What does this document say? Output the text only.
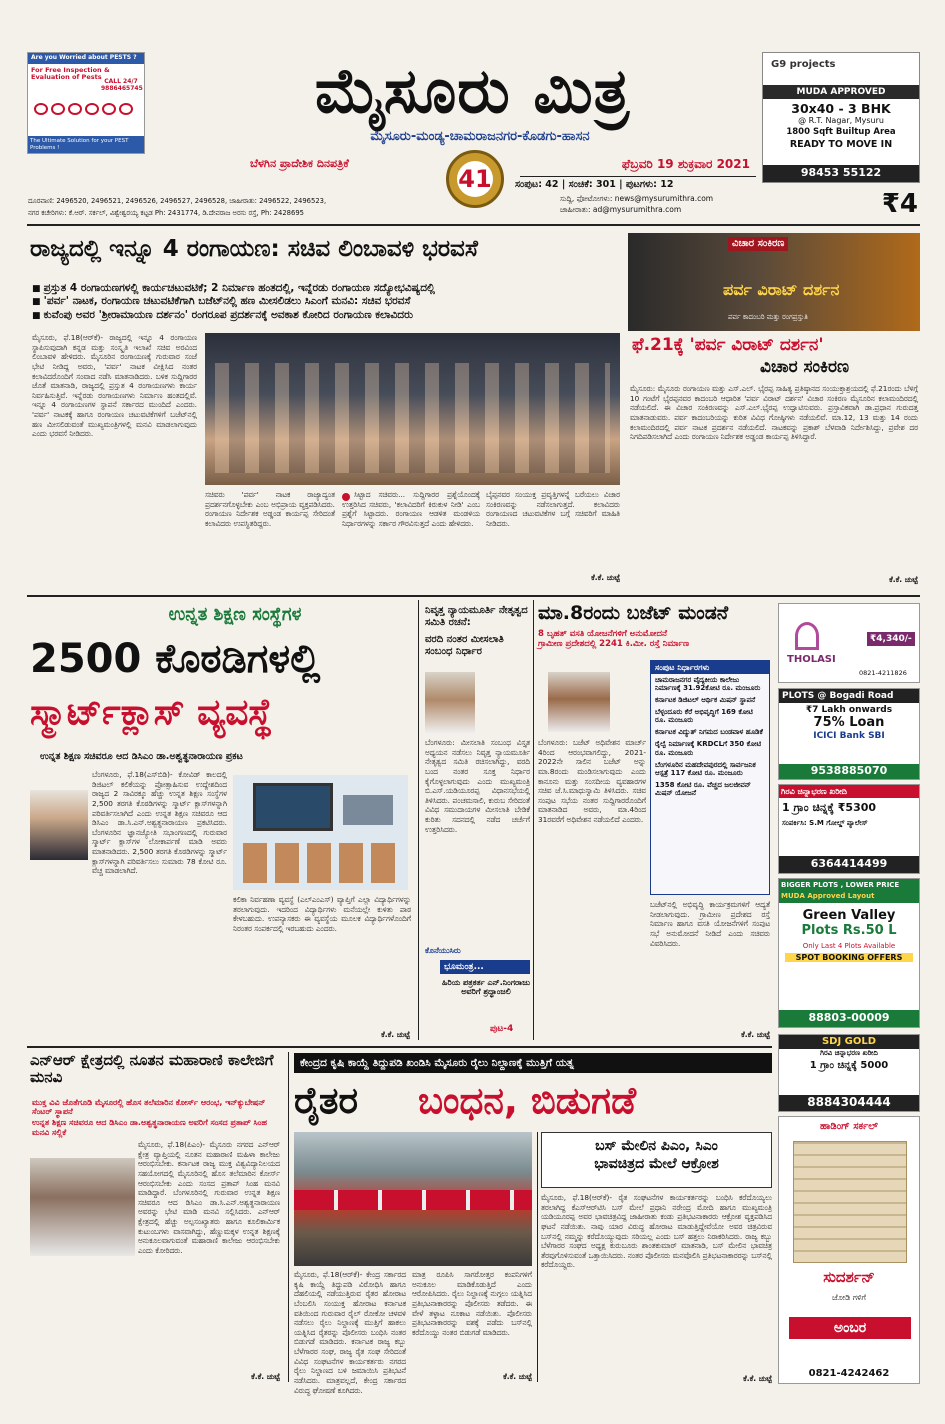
Are you Worried about PESTS ?
For Free Inspection & Evaluation of Pests
CALL 24/7 9886465745
The Ultimate Solution for your PEST Problems !
ಮೈಸೂರು ಮಿತ್ರ
ಮೈಸೂರು-ಮಂಡ್ಯ-ಚಾಮರಾಜನಗರ-ಕೊಡಗು-ಹಾಸನ
ಬೆಳಗಿನ ಪ್ರಾದೇಶಿಕ ದಿನಪತ್ರಿಕೆ
41
ಫೆಬ್ರವರಿ 19 ಶುಕ್ರವಾರ 2021
ಸಂಪುಟ: 42 | ಸಂಚಿಕೆ: 301 | ಪುಟಗಳು: 12
ಸುದ್ದಿ, ಫೋಟೋಗಳು: news@mysurumithra.com
ಜಾಹೀರಾತು: ad@mysurumithra.com	₹4
ದೂರವಾಣಿ: 2496520, 2496521, 2496526, 2496527, 2496528, ಜಾಹೀರಾತು: 2496522, 2496523,
ನಗರ ಕಚೇರಿಗಳು: ಕೆ.ಆರ್. ಸರ್ಕಲ್, ವಿಶ್ವೇಶ್ವರಯ್ಯ ಕಟ್ಟಡ Ph: 2431774, ಡಿ.ದೇವರಾಜ ಅರಸು ರಸ್ತೆ, Ph: 2428695
G9 projects
MUDA APPROVED
30x40 - 3 BHK
@ R.T. Nagar, Mysuru
1800 Sqft Builtup Area
READY TO MOVE IN
98453 55122
ರಾಜ್ಯದಲ್ಲಿ ಇನ್ನೂ 4 ರಂಗಾಯಣ: ಸಚಿವ ಲಿಂಬಾವಳಿ ಭರವಸೆ
■ ಪ್ರಸ್ತುತ 4 ರಂಗಾಯಣಗಳಲ್ಲಿ ಕಾರ್ಯಚಟುವಟಿಕೆ; 2 ನಿರ್ಮಾಣ ಹಂತದಲ್ಲಿ, ಇನ್ನೆರಡು ರಂಗಾಯಣ ಸದ್ಯೋಭವಿಷ್ಯದಲ್ಲಿ
■ 'ಪರ್ವ' ನಾಟಕ, ರಂಗಾಯಣ ಚಟುವಟಿಕೆಗಾಗಿ ಬಜೆಟ್‌ನಲ್ಲಿ ಹಣ ಮೀಸಲಿಡಲು ಸಿಎಂಗೆ ಮನವಿ: ಸಚಿವ ಭರವಸೆ
■ ಕುವೆಂಪು ಅವರ 'ಶ್ರೀರಾಮಾಯಣ ದರ್ಶನಂ' ರಂಗರೂಪ ಪ್ರದರ್ಶನಕ್ಕೆ ಅವಕಾಶ ಕೋರಿದ ರಂಗಾಯಣ ಕಲಾವಿದರು
ಮೈಸೂರು, ಫೆ.18(ಆರ್‌ಕೆ)- ರಾಜ್ಯದಲ್ಲಿ ಇನ್ನೂ 4 ರಂಗಾಯಣ ಸ್ಥಾಪಿಸುವುದಾಗಿ ಕನ್ನಡ ಮತ್ತು ಸಂಸ್ಕೃತಿ ಇಲಾಖೆ ಸಚಿವ ಅರವಿಂದ ಲಿಂಬಾವಳಿ ಹೇಳಿದರು. ಮೈಸೂರಿನ ರಂಗಾಯಣಕ್ಕೆ ಗುರುವಾರ ಸಂಜೆ ಭೇಟಿ ನೀಡಿದ್ದ ಅವರು, 'ಪರ್ವ' ನಾಟಕ ವೀಕ್ಷಿಸಿದ ನಂತರ ಕಲಾವಿದರೊಂದಿಗೆ ಸಂವಾದ ನಡೆಸಿ ಮಾತನಾಡಿದರು. ಬಳಿಕ ಸುದ್ದಿಗಾರರ ಜೊತೆ ಮಾತನಾಡಿ, ರಾಜ್ಯದಲ್ಲಿ ಪ್ರಸ್ತುತ 4 ರಂಗಾಯಣಗಳು ಕಾರ್ಯ ನಿರ್ವಹಿಸುತ್ತಿವೆ. ಇನ್ನೆರಡು ರಂಗಾಯಣಗಳು ನಿರ್ಮಾಣ ಹಂತದಲ್ಲಿವೆ. ಇನ್ನೂ 4 ರಂಗಾಯಣಗಳ ಸ್ಥಾಪನೆ ಸರ್ಕಾರದ ಮುಂದಿದೆ ಎಂದರು. 'ಪರ್ವ' ನಾಟಕಕ್ಕೆ ಹಾಗೂ ರಂಗಾಯಣ ಚಟುವಟಿಕೆಗಳಿಗೆ ಬಜೆಟ್‌ನಲ್ಲಿ ಹಣ ಮೀಸಲಿಡುವಂತೆ ಮುಖ್ಯಮಂತ್ರಿಗಳಲ್ಲಿ ಮನವಿ ಮಾಡಲಾಗುವುದು ಎಂದು ಭರವಸೆ ನೀಡಿದರು.
ಸಚಿವರು 'ಪರ್ವ' ನಾಟಕ ರಾಜ್ಯಾದ್ಯಂತ ಪ್ರದರ್ಶನಗೊಳ್ಳಬೇಕು ಎಂಬ ಅಭಿಪ್ರಾಯ ವ್ಯಕ್ತಪಡಿಸಿದರು. ರಂಗಾಯಣ ನಿರ್ದೇಶಕ ಅಡ್ಡಂಡ ಕಾರ್ಯಪ್ಪ ಸೇರಿದಂತೆ ಕಲಾವಿದರು ಉಪಸ್ಥಿತರಿದ್ದರು.
ಸಿಟ್ಟಾದ ಸಚಿವರು... ಸುದ್ದಿಗಾರರ ಪ್ರಶ್ನೆಯೊಂದಕ್ಕೆ ಉತ್ತರಿಸಿದ ಸಚಿವರು, 'ಕಲಾವಿದರಿಗೆ ಕಿರುಕುಳ ನೀಡಿ' ಎಂಬ ಪ್ರಶ್ನೆಗೆ ಸಿಟ್ಟಾದರು. ರಂಗಾಯಣ ಆಡಳಿತ ಮಂಡಳಿಯ ನಿರ್ಧಾರಗಳನ್ನು ಸರ್ಕಾರ ಗೌರವಿಸುತ್ತದೆ ಎಂದು ಹೇಳಿದರು.
ಬೈಪ್ಪನವರ ಸಂಯುಕ್ತ ಪ್ರವೃತ್ತಿಗಳನ್ನೆ ಬರೆಯಲು ವಿಚಾರ ಸಂಕಿರಣವನ್ನು ನಡೆಸಲಾಗುತ್ತದೆ. ಕಲಾವಿದರು ರಂಗಾಯಣದ ಚಟುವಟಿಕೆಗಳ ಬಗ್ಗೆ ಸಚಿವರಿಗೆ ಮಾಹಿತಿ ನೀಡಿದರು.
ಕೆ.ಕೆ. ಚುಟ್ಟೆ
ವಿಚಾರ ಸಂಕಿರಣ
ಪರ್ವ ವಿರಾಟ್ ದರ್ಶನ
ಪರ್ವ ಕಾದಂಬರಿ ಮತ್ತು ರಂಗಪ್ರಸ್ತುತಿ
ಫೆ.21ಕ್ಕೆ 'ಪರ್ವ ವಿರಾಟ್ ದರ್ಶನ'
ವಿಚಾರ ಸಂಕಿರಣ
ಮೈಸೂರು: ಮೈಸೂರು ರಂಗಾಯಣ ಮತ್ತು ಎಸ್.ಎಲ್. ಭೈರಪ್ಪ ಸಾಹಿತ್ಯ ಪ್ರತಿಷ್ಠಾನದ ಸಂಯುಕ್ತಾಶ್ರಯದಲ್ಲಿ ಫೆ.21ರಂದು ಬೆಳಿಗ್ಗೆ 10 ಗಂಟೆಗೆ ಭೈರಪ್ಪನವರ ಕಾದಂಬರಿ ಆಧಾರಿತ 'ಪರ್ವ ವಿರಾಟ್ ದರ್ಶನ' ವಿಚಾರ ಸಂಕಿರಣ ಮೈಸೂರಿನ ಕಲಾಮಂದಿರದಲ್ಲಿ ನಡೆಯಲಿದೆ. ಈ ವಿಚಾರ ಸಂಕಿರಣವನ್ನು ಎಸ್.ಎಲ್.ಭೈರಪ್ಪ ಉದ್ಘಾಟಿಸುವರು. ಪ್ರಸ್ತಾವಿಕವಾಗಿ ಡಾ.ಪ್ರಧಾನ ಗುರುದತ್ತ ಮಾತನಾಡುವರು. ಪರ್ವ ಕಾದಂಬರಿಯನ್ನು ಕುರಿತ ವಿವಿಧ ಗೋಷ್ಠಿಗಳು ನಡೆಯಲಿವೆ. ಮಾ.12, 13 ಮತ್ತು 14 ರಂದು ಕಲಾಮಂದಿರದಲ್ಲಿ ಪರ್ವ ನಾಟಕ ಪ್ರದರ್ಶನ ನಡೆಯಲಿದೆ. ನಾಟಕವನ್ನು ಪ್ರಕಾಶ್ ಬೆಳವಾಡಿ ನಿರ್ದೇಶಿಸಿದ್ದು, ಪ್ರವೇಶ ದರ ನಿಗದಿಪಡಿಸಲಾಗಿದೆ ಎಂದು ರಂಗಾಯಣ ನಿರ್ದೇಶಕ ಅಡ್ಡಂಡ ಕಾರ್ಯಪ್ಪ ತಿಳಿಸಿದ್ದಾರೆ.
ಕೆ.ಕೆ. ಚುಟ್ಟೆ
ಉನ್ನತ ಶಿಕ್ಷಣ ಸಂಸ್ಥೆಗಳ
2500 ಕೊಠಡಿಗಳಲ್ಲಿ
ಸ್ಮಾರ್ಟ್‌ಕ್ಲಾಸ್ ವ್ಯವಸ್ಥೆ
ಉನ್ನತ ಶಿಕ್ಷಣ ಸಚಿವರೂ ಆದ ಡಿಸಿಎಂ ಡಾ.ಅಶ್ವತ್ಥನಾರಾಯಣ ಪ್ರಕಟ
ಬೆಂಗಳೂರು, ಫೆ.18(ಎಸ್‌ಬಿಡಿ)- ಕೋವಿಡ್ ಕಾಲದಲ್ಲಿ ಡಿಜಿಟಲ್ ಕಲಿಕೆಯನ್ನು ಪ್ರೋತ್ಸಾಹಿಸುವ ಉದ್ದೇಶದಿಂದ ರಾಜ್ಯದ 2 ಸಾವಿರಕ್ಕೂ ಹೆಚ್ಚು ಉನ್ನತ ಶಿಕ್ಷಣ ಸಂಸ್ಥೆಗಳ 2,500 ತರಗತಿ ಕೊಠಡಿಗಳನ್ನು ಸ್ಮಾರ್ಟ್ ಕ್ಲಾಸ್‌ಗಳನ್ನಾಗಿ ಪರಿವರ್ತಿಸಲಾಗಿದೆ ಎಂದು ಉನ್ನತ ಶಿಕ್ಷಣ ಸಚಿವರೂ ಆದ ಡಿಸಿಎಂ ಡಾ.ಸಿ.ಎನ್.ಅಶ್ವತ್ಥನಾರಾಯಣ ಪ್ರಕಟಿಸಿದರು. ಬೆಂಗಳೂರಿನ ಜ್ಞಾನಜ್ಯೋತಿ ಸಭಾಂಗಣದಲ್ಲಿ ಗುರುವಾರ ಸ್ಮಾರ್ಟ್ ಕ್ಲಾಸ್‌ಗಳ ಲೋಕಾರ್ಪಣೆ ಮಾಡಿ ಅವರು ಮಾತನಾಡಿದರು. 2,500 ತರಗತಿ ಕೊಠಡಿಗಳನ್ನು ಸ್ಮಾರ್ಟ್ ಕ್ಲಾಸ್‌ಗಳನ್ನಾಗಿ ಪರಿವರ್ತಿಸಲು ಸುಮಾರು 78 ಕೋಟಿ ರೂ. ವೆಚ್ಚ ಮಾಡಲಾಗಿದೆ.
ಕಲಿಕಾ ನಿರ್ವಹಣಾ ವ್ಯವಸ್ಥೆ (ಎಲ್‌ಎಂಎಸ್) ವ್ಯಾಪ್ತಿಗೆ ಎಲ್ಲಾ ವಿದ್ಯಾರ್ಥಿಗಳನ್ನು ತರಲಾಗುವುದು. ಇದರಿಂದ ವಿದ್ಯಾರ್ಥಿಗಳು ಮನೆಯಲ್ಲೇ ಕುಳಿತು ಪಾಠ ಕೇಳಬಹುದು. ಉಪನ್ಯಾಸಕರು ಈ ವ್ಯವಸ್ಥೆಯ ಮೂಲಕ ವಿದ್ಯಾರ್ಥಿಗಳೊಂದಿಗೆ ನಿರಂತರ ಸಂಪರ್ಕದಲ್ಲಿ ಇರಬಹುದು ಎಂದರು.
ಕೆ.ಕೆ. ಚುಟ್ಟೆ
ನಿವೃತ್ತ ನ್ಯಾಯಮೂರ್ತಿ ನೇತೃತ್ವದ ಸಮಿತಿ ರಚನೆ:
ವರದಿ ನಂತರ ಮೀಸಲಾತಿ ಸಂಬಂಧ ನಿರ್ಧಾರ
ಬೆಂಗಳೂರು: ಮೀಸಲಾತಿ ಸಂಬಂಧ ವಿಸ್ತೃತ ಅಧ್ಯಯನ ನಡೆಸಲು ನಿವೃತ್ತ ನ್ಯಾಯಮೂರ್ತಿ ನೇತೃತ್ವದ ಸಮಿತಿ ರಚಿಸಲಾಗಿದ್ದು, ವರದಿ ಬಂದ ನಂತರ ಸೂಕ್ತ ನಿರ್ಧಾರ ಕೈಗೊಳ್ಳಲಾಗುವುದು ಎಂದು ಮುಖ್ಯಮಂತ್ರಿ ಬಿ.ಎಸ್.ಯಡಿಯೂರಪ್ಪ ವಿಧಾನಸಭೆಯಲ್ಲಿ ತಿಳಿಸಿದರು. ಪಂಚಮಸಾಲಿ, ಕುರುಬ ಸೇರಿದಂತೆ ವಿವಿಧ ಸಮುದಾಯಗಳ ಮೀಸಲಾತಿ ಬೇಡಿಕೆ ಕುರಿತು ಸದನದಲ್ಲಿ ನಡೆದ ಚರ್ಚೆಗೆ ಉತ್ತರಿಸಿದರು.
ಕೊನೆಯುಸಿರು
ಭೂಮಂತ್ರ...
ಹಿರಿಯ ಪತ್ರಕರ್ತ ಎನ್.ನಿಂಗರಾಜು ಅವರಿಗೆ ಶ್ರದ್ಧಾಂಜಲಿ
ಪುಟ-4
ಮಾ.8ರಂದು ಬಜೆಟ್ ಮಂಡನೆ
8 ಬೃಹತ್ ವಸತಿ ಯೋಜನೆಗಳಿಗೆ ಅನುಮೋದನೆ
ಗ್ರಾಮೀಣ ಪ್ರದೇಶದಲ್ಲಿ 2241 ಕಿ.ಮೀ. ರಸ್ತೆ ನಿರ್ಮಾಣ
ಬೆಂಗಳೂರು: ಬಜೆಟ್ ಅಧಿವೇಶನ ಮಾರ್ಚ್ 4ರಿಂದ ಆರಂಭವಾಗಲಿದ್ದು, 2021-2022ನೇ ಸಾಲಿನ ಬಜೆಟ್ ಅನ್ನು ಮಾ.8ರಂದು ಮಂಡಿಸಲಾಗುವುದು ಎಂದು ಕಾನೂನು ಮತ್ತು ಸಂಸದೀಯ ವ್ಯವಹಾರಗಳ ಸಚಿವ ಜೆ.ಸಿ.ಮಾಧುಸ್ವಾಮಿ ತಿಳಿಸಿದರು. ಸಚಿವ ಸಂಪುಟ ಸಭೆಯ ನಂತರ ಸುದ್ದಿಗಾರರೊಂದಿಗೆ ಮಾತನಾಡಿದ ಅವರು, ಮಾ.4ರಿಂದ 31ರವರೆಗೆ ಅಧಿವೇಶನ ನಡೆಯಲಿದೆ ಎಂದರು.
ಸಂಪುಟ ನಿರ್ಧಾರಗಳು
ಚಾಮರಾಜನಗರ ವೈದ್ಯಕೀಯ ಕಾಲೇಜು ನಿರ್ಮಾಣಕ್ಕೆ 31.92ಕೋಟಿ ರೂ. ಮಂಜೂರು
ಕರ್ನಾಟಕ ಡಿಜಿಟಲ್ ಆರ್ಥಿಕ ಮಿಷನ್ ಸ್ಥಾಪನೆ
ಬೆಳ್ಳಂದೂರು ಕೆರೆ ಅಭಿವೃದ್ಧಿಗೆ 169 ಕೋಟಿ ರೂ. ಮಂಜೂರು
ಕರ್ನಾಟಕ ವಿದ್ಯುತ್ ನಿಗಮದ ಬಂಡವಾಳ ಹೂಡಿಕೆ
ರೈಲ್ವೆ ನಿರ್ಮಾಣಕ್ಕೆ KRDCLಗೆ 350 ಕೋಟಿ ರೂ. ಮಂಜೂರು
ಬೆಂಗಳೂರಿನ ಮಹದೇವಪುರದಲ್ಲಿ ಸಾರ್ವಜನಿಕ ಆಸ್ಪತ್ರೆ 117 ಕೋಟಿ ರೂ. ಮಂಜೂರು
1358 ಕೋಟಿ ರೂ. ವೆಚ್ಚದ ಜಲಜೀವನ್ ಮಿಷನ್ ಯೋಜನೆ
ಬಜೆಟ್‌ನಲ್ಲಿ ಅಭಿವೃದ್ಧಿ ಕಾರ್ಯಕ್ರಮಗಳಿಗೆ ಆದ್ಯತೆ ನೀಡಲಾಗುವುದು. ಗ್ರಾಮೀಣ ಪ್ರದೇಶದ ರಸ್ತೆ ನಿರ್ಮಾಣ ಹಾಗೂ ವಸತಿ ಯೋಜನೆಗಳಿಗೆ ಸಂಪುಟ ಸಭೆ ಅನುಮೋದನೆ ನೀಡಿದೆ ಎಂದು ಸಚಿವರು ವಿವರಿಸಿದರು.
ಕೆ.ಕೆ. ಚುಟ್ಟೆ
THOLASI
₹4,340/-
0821-4211826
PLOTS @ Bogadi Road
₹7 Lakh onwards
75% Loan
ICICI Bank SBI
9538885070
ಗಿರವಿ ಚಿನ್ನಾಭರಣ ಖರೀದಿ
1 ಗ್ರಾಂ ಚಿನ್ನಕ್ಕೆ ₹5300
ಸಂಪರ್ಕಿಸಿ: S.M ಗೋಲ್ಡ್ ಪ್ಯಾಲೇಸ್
6364414499
BIGGER PLOTS , LOWER PRICE
MUDA Approved Layout
Green Valley
Plots Rs.50 L
Only Last 4 Plots Available
SPOT BOOKING OFFERS
88803-00009
SDJ GOLD
ಗಿರವಿ ಚಿನ್ನಾಭರಣ ಖರೀದಿ
1 ಗ್ರಾಂ ಚಿನ್ನಕ್ಕೆ 5000
8884304444
ಹಾಡಿಂಗ್ ಸರ್ಕಲ್
ಸುದರ್ಶನ್
ಜೋಡಿ ಗಳಿಗೆ
ಅಂಬರ
0821-4242462
ಎನ್‌ಆರ್ ಕ್ಷೇತ್ರದಲ್ಲಿ ನೂತನ ಮಹಾರಾಣಿ ಕಾಲೇಜಿಗೆ ಮನವಿ
ಮುಕ್ತ ವಿವಿ ಜೊತೆಗೂಡಿ ಮೈಸೂರಲ್ಲಿ ಹೊಸ ತಲೆಮಾರಿನ ಕೋರ್ಸ್ ಆರಂಭ, ಇನ್‌ಕ್ಯುಬೇಷನ್ ಸೆಂಟರ್ ಸ್ಥಾಪನೆ
ಉನ್ನತ ಶಿಕ್ಷಣ ಸಚಿವರೂ ಆದ ಡಿಸಿಎಂ ಡಾ.ಅಶ್ವತ್ಥನಾರಾಯಣ ಅವರಿಗೆ ಸಂಸದ ಪ್ರತಾಪ್ ಸಿಂಹ ಮನವಿ ಸಲ್ಲಿಕೆ
ಮೈಸೂರು, ಫೆ.18(ಪಿಎಂ)- ಮೈಸೂರು ನಗರದ ಎನ್‌ಆರ್ ಕ್ಷೇತ್ರ ವ್ಯಾಪ್ತಿಯಲ್ಲಿ ನೂತನ ಮಹಾರಾಣಿ ಮಹಿಳಾ ಕಾಲೇಜು ಆರಂಭಿಸಬೇಕು. ಕರ್ನಾಟಕ ರಾಜ್ಯ ಮುಕ್ತ ವಿಶ್ವವಿದ್ಯಾನಿಲಯದ ಸಹಯೋಗದಲ್ಲಿ ಮೈಸೂರಿನಲ್ಲಿ ಹೊಸ ತಲೆಮಾರಿನ ಕೋರ್ಸ್ ಆರಂಭಿಸಬೇಕು ಎಂದು ಸಂಸದ ಪ್ರತಾಪ್ ಸಿಂಹ ಮನವಿ ಮಾಡಿದ್ದಾರೆ. ಬೆಂಗಳೂರಿನಲ್ಲಿ ಗುರುವಾರ ಉನ್ನತ ಶಿಕ್ಷಣ ಸಚಿವರೂ ಆದ ಡಿಸಿಎಂ ಡಾ.ಸಿ.ಎನ್.ಅಶ್ವತ್ಥನಾರಾಯಣ ಅವರನ್ನು ಭೇಟಿ ಮಾಡಿ ಮನವಿ ಸಲ್ಲಿಸಿದರು. ಎನ್‌ಆರ್ ಕ್ಷೇತ್ರದಲ್ಲಿ ಹೆಚ್ಚು ಅಲ್ಪಸಂಖ್ಯಾತರು ಹಾಗೂ ಕೂಲಿಕಾರ್ಮಿಕ ಕುಟುಂಬಗಳು ವಾಸವಾಗಿದ್ದು, ಹೆಣ್ಣುಮಕ್ಕಳ ಉನ್ನತ ಶಿಕ್ಷಣಕ್ಕೆ ಅನುಕೂಲವಾಗುವಂತೆ ಮಹಾರಾಣಿ ಕಾಲೇಜು ಆರಂಭಿಸಬೇಕು ಎಂದು ಕೋರಿದರು.
ಕೆ.ಕೆ. ಚುಟ್ಟೆ
ಕೇಂದ್ರದ ಕೃಷಿ ಕಾಯ್ದೆ ತಿದ್ದುಪಡಿ ಖಂಡಿಸಿ ಮೈಸೂರು ರೈಲು ನಿಲ್ದಾಣಕ್ಕೆ ಮುತ್ತಿಗೆ ಯತ್ನ
ರೈತರ	ಬಂಧನ, ಬಿಡುಗಡೆ
ಮೈಸೂರು, ಫೆ.18(ಆರ್‌ಕೆ)- ಕೇಂದ್ರ ಸರ್ಕಾರದ ಕೃಷಿ ಕಾಯ್ದೆ ತಿದ್ದುಪಡಿ ವಿರೋಧಿಸಿ ಹಾಗೂ ದೆಹಲಿಯಲ್ಲಿ ನಡೆಯುತ್ತಿರುವ ರೈತರ ಹೋರಾಟ ಬೆಂಬಲಿಸಿ ಸಂಯುಕ್ತ ಹೋರಾಟ ಕರ್ನಾಟಕ ವತಿಯಿಂದ ಗುರುವಾರ ರೈಲ್ ರೋಕೋ ಚಳವಳಿ ನಡೆಸಲು ರೈಲು ನಿಲ್ದಾಣಕ್ಕೆ ಮುತ್ತಿಗೆ ಹಾಕಲು ಯತ್ನಿಸಿದ ರೈತರನ್ನು ಪೊಲೀಸರು ಬಂಧಿಸಿ ನಂತರ ಬಿಡುಗಡೆ ಮಾಡಿದರು. ಕರ್ನಾಟಕ ರಾಜ್ಯ ಕಬ್ಬು ಬೆಳೆಗಾರರ ಸಂಘ, ರಾಜ್ಯ ರೈತ ಸಂಘ ಸೇರಿದಂತೆ ವಿವಿಧ ಸಂಘಟನೆಗಳ ಕಾರ್ಯಕರ್ತರು ನಗರದ ರೈಲು ನಿಲ್ದಾಣದ ಬಳಿ ಜಮಾಯಿಸಿ ಪ್ರತಿಭಟನೆ ನಡೆಸಿದರು. ಮಾತ್ರವಲ್ಲದೆ, ಕೇಂದ್ರ ಸರ್ಕಾರದ ವಿರುದ್ಧ ಘೋಷಣೆ ಕೂಗಿದರು.
ಮಾತ್ರ ರೂಪಿಸಿ ಸಾಗರೋತ್ತರ ಕಂಪನಿಗಳಿಗೆ ಅನುಕೂಲ ಮಾಡಿಕೊಡುತ್ತಿದೆ ಎಂದು ಆರೋಪಿಸಿದರು. ರೈಲು ನಿಲ್ದಾಣಕ್ಕೆ ನುಗ್ಗಲು ಯತ್ನಿಸಿದ ಪ್ರತಿಭಟನಾಕಾರರನ್ನು ಪೊಲೀಸರು ತಡೆದರು. ಈ ವೇಳೆ ತಳ್ಳಾಟ ನೂಕಾಟ ನಡೆಯಿತು. ಪೊಲೀಸರು ಪ್ರತಿಭಟನಾಕಾರರನ್ನು ವಶಕ್ಕೆ ಪಡೆದು ಬಸ್‌ನಲ್ಲಿ ಕರೆದೊಯ್ದು ನಂತರ ಬಿಡುಗಡೆ ಮಾಡಿದರು.
ಕೆ.ಕೆ. ಚುಟ್ಟೆ
ಬಸ್ ಮೇಲಿನ ಪಿಎಂ, ಸಿಎಂ
ಭಾವಚಿತ್ರದ ಮೇಲೆ ಆಕ್ರೋಶ
ಮೈಸೂರು, ಫೆ.18(ಆರ್‌ಕೆ)- ರೈತ ಸಂಘಟನೆಗಳ ಕಾರ್ಯಕರ್ತರನ್ನು ಬಂಧಿಸಿ ಕರೆದೊಯ್ಯಲು ತರಲಾಗಿದ್ದ ಕೆಎಸ್‌ಆರ್‌ಟಿಸಿ ಬಸ್ ಮೇಲೆ ಪ್ರಧಾನಿ ನರೇಂದ್ರ ಮೋದಿ ಹಾಗೂ ಮುಖ್ಯಮಂತ್ರಿ ಯಡಿಯೂರಪ್ಪ ಅವರ ಭಾವಚಿತ್ರವಿದ್ದ ಜಾಹೀರಾತು ಕಂಡು ಪ್ರತಿಭಟನಾಕಾರರು ಆಕ್ರೋಶ ವ್ಯಕ್ತಪಡಿಸಿದ ಘಟನೆ ನಡೆಯಿತು. ನಾವು ಯಾರ ವಿರುದ್ಧ ಹೋರಾಟ ಮಾಡುತ್ತಿದ್ದೇವೆಯೋ ಅವರ ಚಿತ್ರವಿರುವ ಬಸ್‌ನಲ್ಲಿ ನಮ್ಮನ್ನು ಕರೆದೊಯ್ಯುವುದು ಸರಿಯಲ್ಲ ಎಂದು ಬಸ್ ಹತ್ತಲು ನಿರಾಕರಿಸಿದರು. ರಾಜ್ಯ ಕಬ್ಬು ಬೆಳೆಗಾರರ ಸಂಘದ ಅಧ್ಯಕ್ಷ ಕುರುಬೂರು ಶಾಂತಕುಮಾರ್ ಮಾತನಾಡಿ, ಬಸ್ ಮೇಲಿನ ಭಾವಚಿತ್ರ ತೆರವುಗೊಳಿಸುವಂತೆ ಒತ್ತಾಯಿಸಿದರು. ನಂತರ ಪೊಲೀಸರು ಮನವೊಲಿಸಿ ಪ್ರತಿಭಟನಾಕಾರರನ್ನು ಬಸ್‌ನಲ್ಲಿ ಕರೆದೊಯ್ದರು.
ಕೆ.ಕೆ. ಚುಟ್ಟೆ
